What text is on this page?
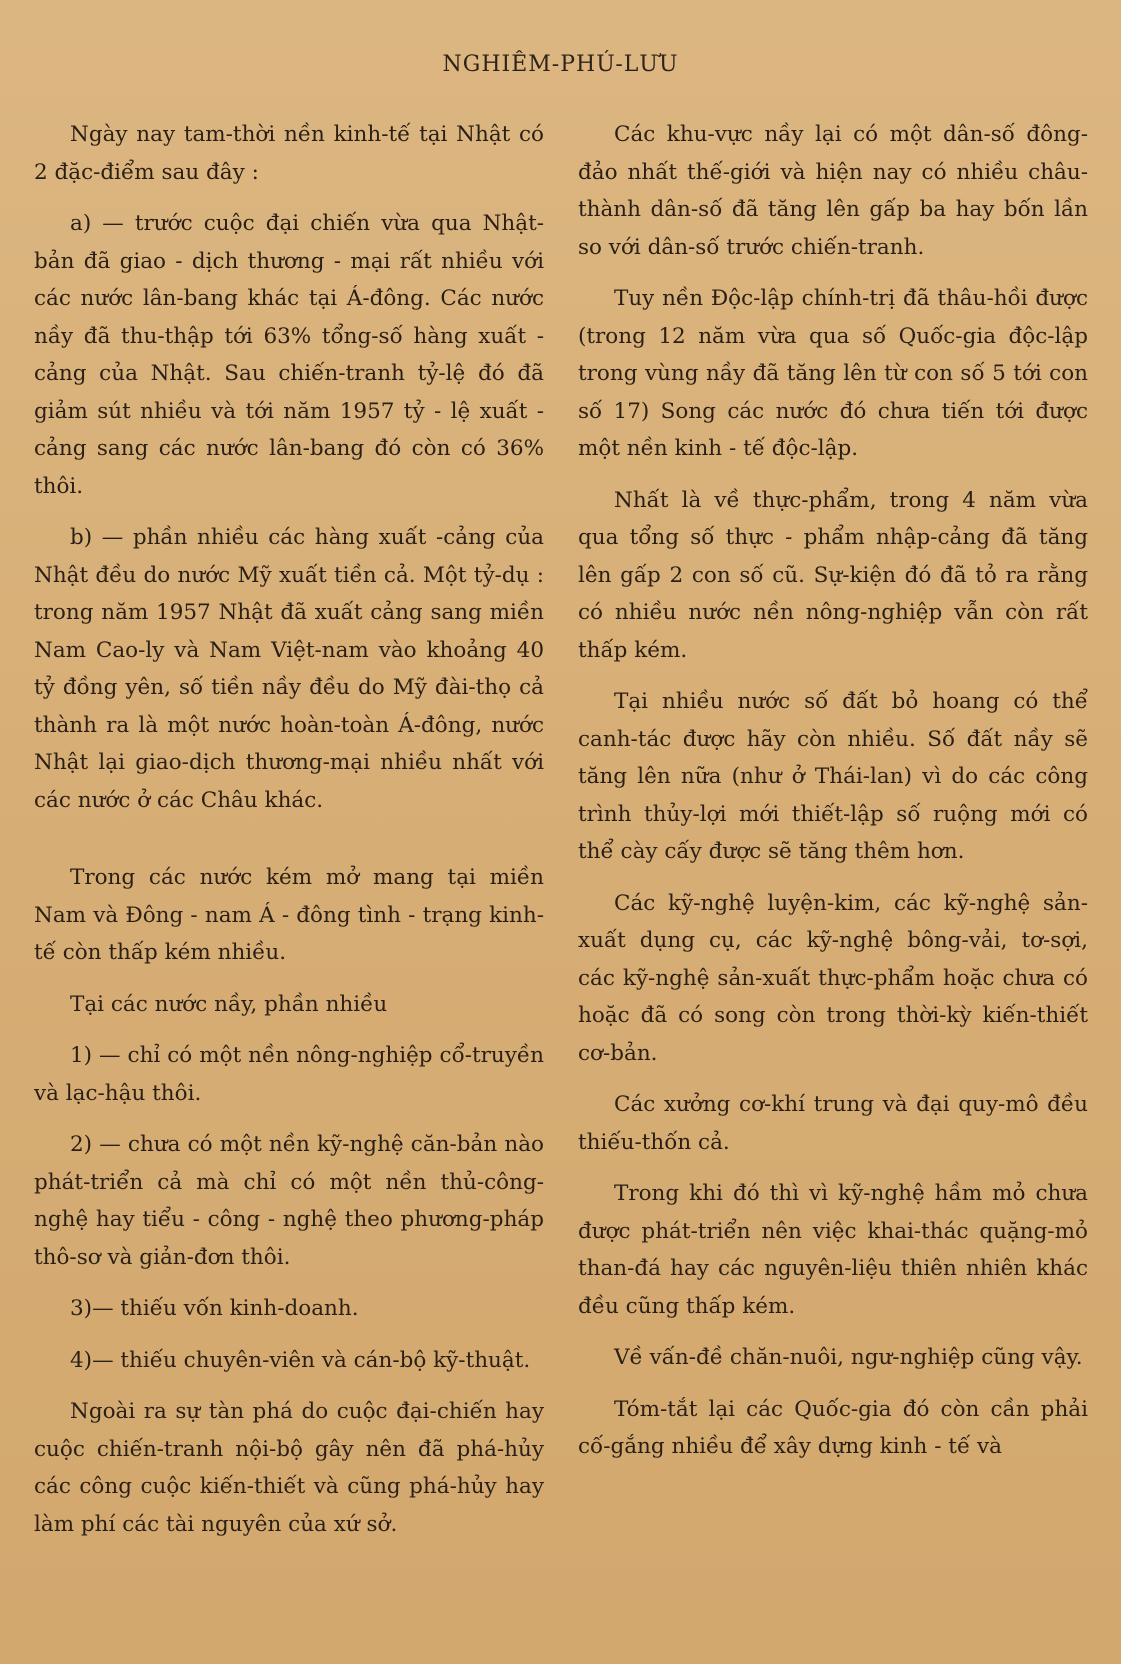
NGHIÊM-PHÚ-LƯU

Ngày nay tam-thời nền kinh-tế tại Nhật có 2 đặc-điểm sau đây :

a) — trước cuộc đại chiến vừa qua Nhật-bản đã giao - dịch thương - mại rất nhiều với các nước lân-bang khác tại Á-đông. Các nước nầy đã thu-thập tới 63% tổng-số hàng xuất - cảng của Nhật. Sau chiến-tranh tỷ-lệ đó đã giảm sút nhiều và tới năm 1957 tỷ - lệ xuất - cảng sang các nước lân-bang đó còn có 36% thôi.

b) — phần nhiều các hàng xuất -cảng của Nhật đều do nước Mỹ xuất tiền cả. Một tỷ-dụ : trong năm 1957 Nhật đã xuất cảng sang miền Nam Cao-ly và Nam Việt-nam vào khoảng 40 tỷ đồng yên, số tiền nầy đều do Mỹ đài-thọ cả thành ra là một nước hoàn-toàn Á-đông, nước Nhật lại giao-dịch thương-mại nhiều nhất với các nước ở các Châu khác.

Trong các nước kém mở mang tại miền Nam và Đông - nam Á - đông tình - trạng kinh-tế còn thấp kém nhiều.

Tại các nước nầy, phần nhiều

1) — chỉ có một nền nông-nghiệp cổ-truyền và lạc-hậu thôi.

2) — chưa có một nền kỹ-nghệ căn-bản nào phát-triển cả mà chỉ có một nền thủ-công-nghệ hay tiểu - công - nghệ theo phương-pháp thô-sơ và giản-đơn thôi.

3)— thiếu vốn kinh-doanh.

4)— thiếu chuyên-viên và cán-bộ kỹ-thuật.

Ngoài ra sự tàn phá do cuộc đại-chiến hay cuộc chiến-tranh nội-bộ gây nên đã phá-hủy các công cuộc kiến-thiết và cũng phá-hủy hay làm phí các tài nguyên của xứ sở.

Các khu-vực nầy lại có một dân-số đông-đảo nhất thế-giới và hiện nay có nhiều châu-thành dân-số đã tăng lên gấp ba hay bốn lần so với dân-số trước chiến-tranh.

Tuy nền Độc-lập chính-trị đã thâu-hồi được (trong 12 năm vừa qua số Quốc-gia độc-lập trong vùng nầy đã tăng lên từ con số 5 tới con số 17) Song các nước đó chưa tiến tới được một nền kinh - tế độc-lập.

Nhất là về thực-phẩm, trong 4 năm vừa qua tổng số thực - phẩm nhập-cảng đã tăng lên gấp 2 con số cũ. Sự-kiện đó đã tỏ ra rằng có nhiều nước nền nông-nghiệp vẫn còn rất thấp kém.

Tại nhiều nước số đất bỏ hoang có thể canh-tác được hãy còn nhiều. Số đất nầy sẽ tăng lên nữa (như ở Thái-lan) vì do các công trình thủy-lợi mới thiết-lập số ruộng mới có thể cày cấy được sẽ tăng thêm hơn.

Các kỹ-nghệ luyện-kim, các kỹ-nghệ sản-xuất dụng cụ, các kỹ-nghệ bông-vải, tơ-sợi, các kỹ-nghệ sản-xuất thực-phẩm hoặc chưa có hoặc đã có song còn trong thời-kỳ kiến-thiết cơ-bản.

Các xưởng cơ-khí trung và đại quy-mô đều thiếu-thốn cả.

Trong khi đó thì vì kỹ-nghệ hầm mỏ chưa được phát-triển nên việc khai-thác quặng-mỏ than-đá hay các nguyên-liệu thiên nhiên khác đều cũng thấp kém.

Về vấn-đề chăn-nuôi, ngư-nghiệp cũng vậy.

Tóm-tắt lại các Quốc-gia đó còn cần phải cố-gắng nhiều để xây dựng kinh - tế và
